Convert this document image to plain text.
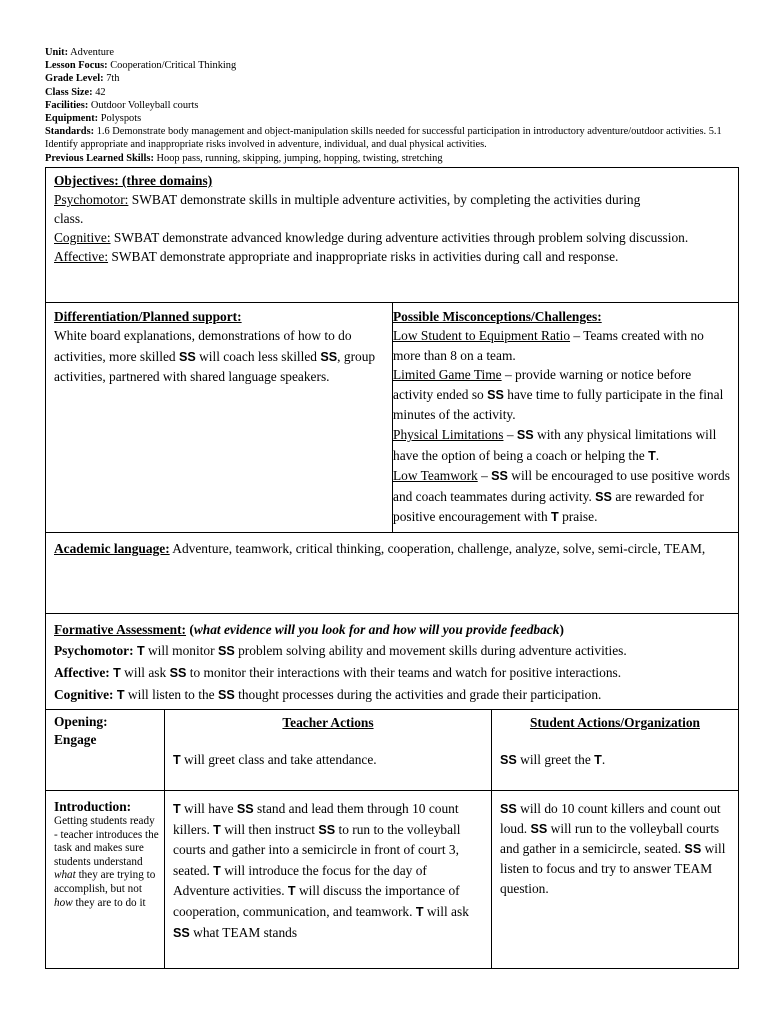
Unit: Adventure
Lesson Focus: Cooperation/Critical Thinking
Grade Level: 7th
Class Size: 42
Facilities: Outdoor Volleyball courts
Equipment: Polyspots
Standards: 1.6 Demonstrate body management and object-manipulation skills needed for successful participation in introductory adventure/outdoor activities. 5.1 Identify appropriate and inappropriate risks involved in adventure, individual, and dual physical activities.
Previous Learned Skills: Hoop pass, running, skipping, jumping, hopping, twisting, stretching
Objectives: (three domains)
Psychomotor: SWBAT demonstrate skills in multiple adventure activities, by completing the activities during class.
Cognitive: SWBAT demonstrate advanced knowledge during adventure activities through problem solving discussion.
Affective: SWBAT demonstrate appropriate and inappropriate risks in activities during call and response.
Differentiation/Planned support:
White board explanations, demonstrations of how to do activities, more skilled SS will coach less skilled SS, group activities, partnered with shared language speakers.
Possible Misconceptions/Challenges:
Low Student to Equipment Ratio – Teams created with no more than 8 on a team.
Limited Game Time – provide warning or notice before activity ended so SS have time to fully participate in the final minutes of the activity.
Physical Limitations – SS with any physical limitations will have the option of being a coach or helping the T.
Low Teamwork – SS will be encouraged to use positive words and coach teammates during activity. SS are rewarded for positive encouragement with T praise.
Academic language: Adventure, teamwork, critical thinking, cooperation, challenge, analyze, solve, semi-circle, TEAM,
Formative Assessment: (what evidence will you look for and how will you provide feedback)
Psychomotor: T will monitor SS problem solving ability and movement skills during adventure activities.
Affective: T will ask SS to monitor their interactions with their teams and watch for positive interactions.
Cognitive: T will listen to the SS thought processes during the activities and grade their participation.
Opening:
Engage
Teacher Actions
T will greet class and take attendance.
Student Actions/Organization
SS will greet the T.
Introduction:
Getting students ready - teacher introduces the task and makes sure students understand what they are trying to accomplish, but not how they are to do it
T will have SS stand and lead them through 10 count killers. T will then instruct SS to run to the volleyball courts and gather into a semicircle in front of court 3, seated. T will introduce the focus for the day of Adventure activities. T will discuss the importance of cooperation, communication, and teamwork. T will ask SS what TEAM stands
SS will do 10 count killers and count out loud. SS will run to the volleyball courts and gather in a semicircle, seated. SS will listen to focus and try to answer TEAM question.
